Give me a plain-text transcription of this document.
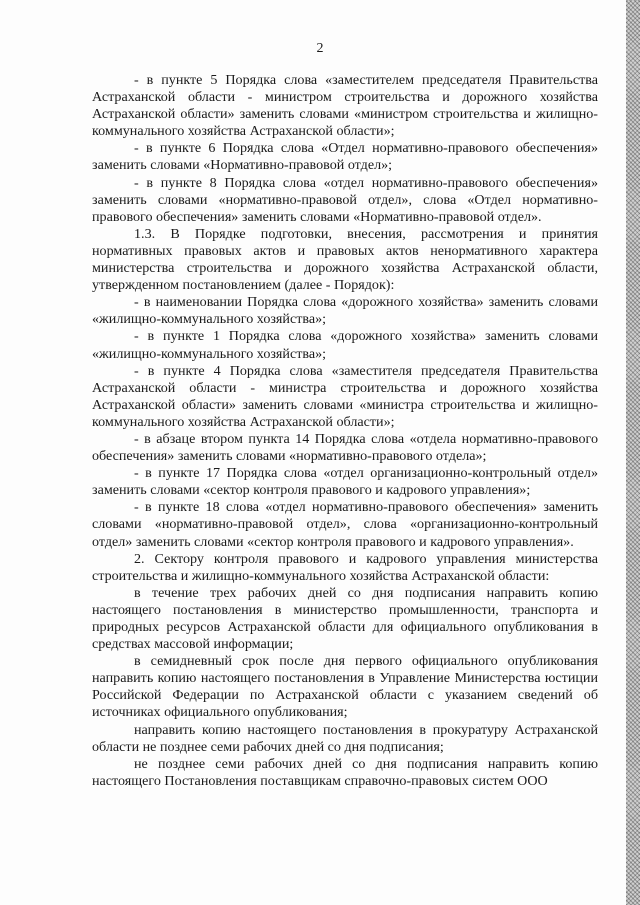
2

- в пункте 5 Порядка слова «заместителем председателя Правительства Астраханской области - министром строительства и дорожного хозяйства Астраханской области» заменить словами «министром строительства и жилищно-коммунального хозяйства Астраханской области»;

- в пункте 6 Порядка слова «Отдел нормативно-правового обеспечения» заменить словами «Нормативно-правовой отдел»;

- в пункте 8 Порядка слова «отдел нормативно-правового обеспечения» заменить словами «нормативно-правовой отдел», слова «Отдел нормативно-правового обеспечения» заменить словами «Нормативно-правовой отдел».

1.3. В Порядке подготовки, внесения, рассмотрения и принятия нормативных правовых актов и правовых актов ненормативного характера министерства строительства и дорожного хозяйства Астраханской области, утвержденном постановлением (далее - Порядок):

- в наименовании Порядка слова «дорожного хозяйства» заменить словами «жилищно-коммунального хозяйства»;

- в пункте 1 Порядка слова «дорожного хозяйства» заменить словами «жилищно-коммунального хозяйства»;

- в пункте 4 Порядка слова «заместителя председателя Правительства Астраханской области - министра строительства и дорожного хозяйства Астраханской области» заменить словами «министра строительства и жилищно-коммунального хозяйства Астраханской области»;

- в абзаце втором пункта 14 Порядка слова «отдела нормативно-правового обеспечения» заменить словами «нормативно-правового отдела»;

- в пункте 17 Порядка слова «отдел организационно-контрольный отдел» заменить словами «сектор контроля правового и кадрового управления»;

- в пункте 18 слова «отдел нормативно-правового обеспечения» заменить словами «нормативно-правовой отдел», слова «организационно-контрольный отдел» заменить словами «сектор контроля правового и кадрового управления».

2. Сектору контроля правового и кадрового управления министерства строительства и жилищно-коммунального хозяйства Астраханской области:

в течение трех рабочих дней со дня подписания направить копию настоящего постановления в министерство промышленности, транспорта и природных ресурсов Астраханской области для официального опубликования в средствах массовой информации;

в семидневный срок после дня первого официального опубликования направить копию настоящего постановления в Управление Министерства юстиции Российской Федерации по Астраханской области с указанием сведений об источниках официального опубликования;

направить копию настоящего постановления в прокуратуру Астраханской области не позднее семи рабочих дней со дня подписания;

не позднее семи рабочих дней со дня подписания направить копию настоящего Постановления поставщикам справочно-правовых систем ООО
